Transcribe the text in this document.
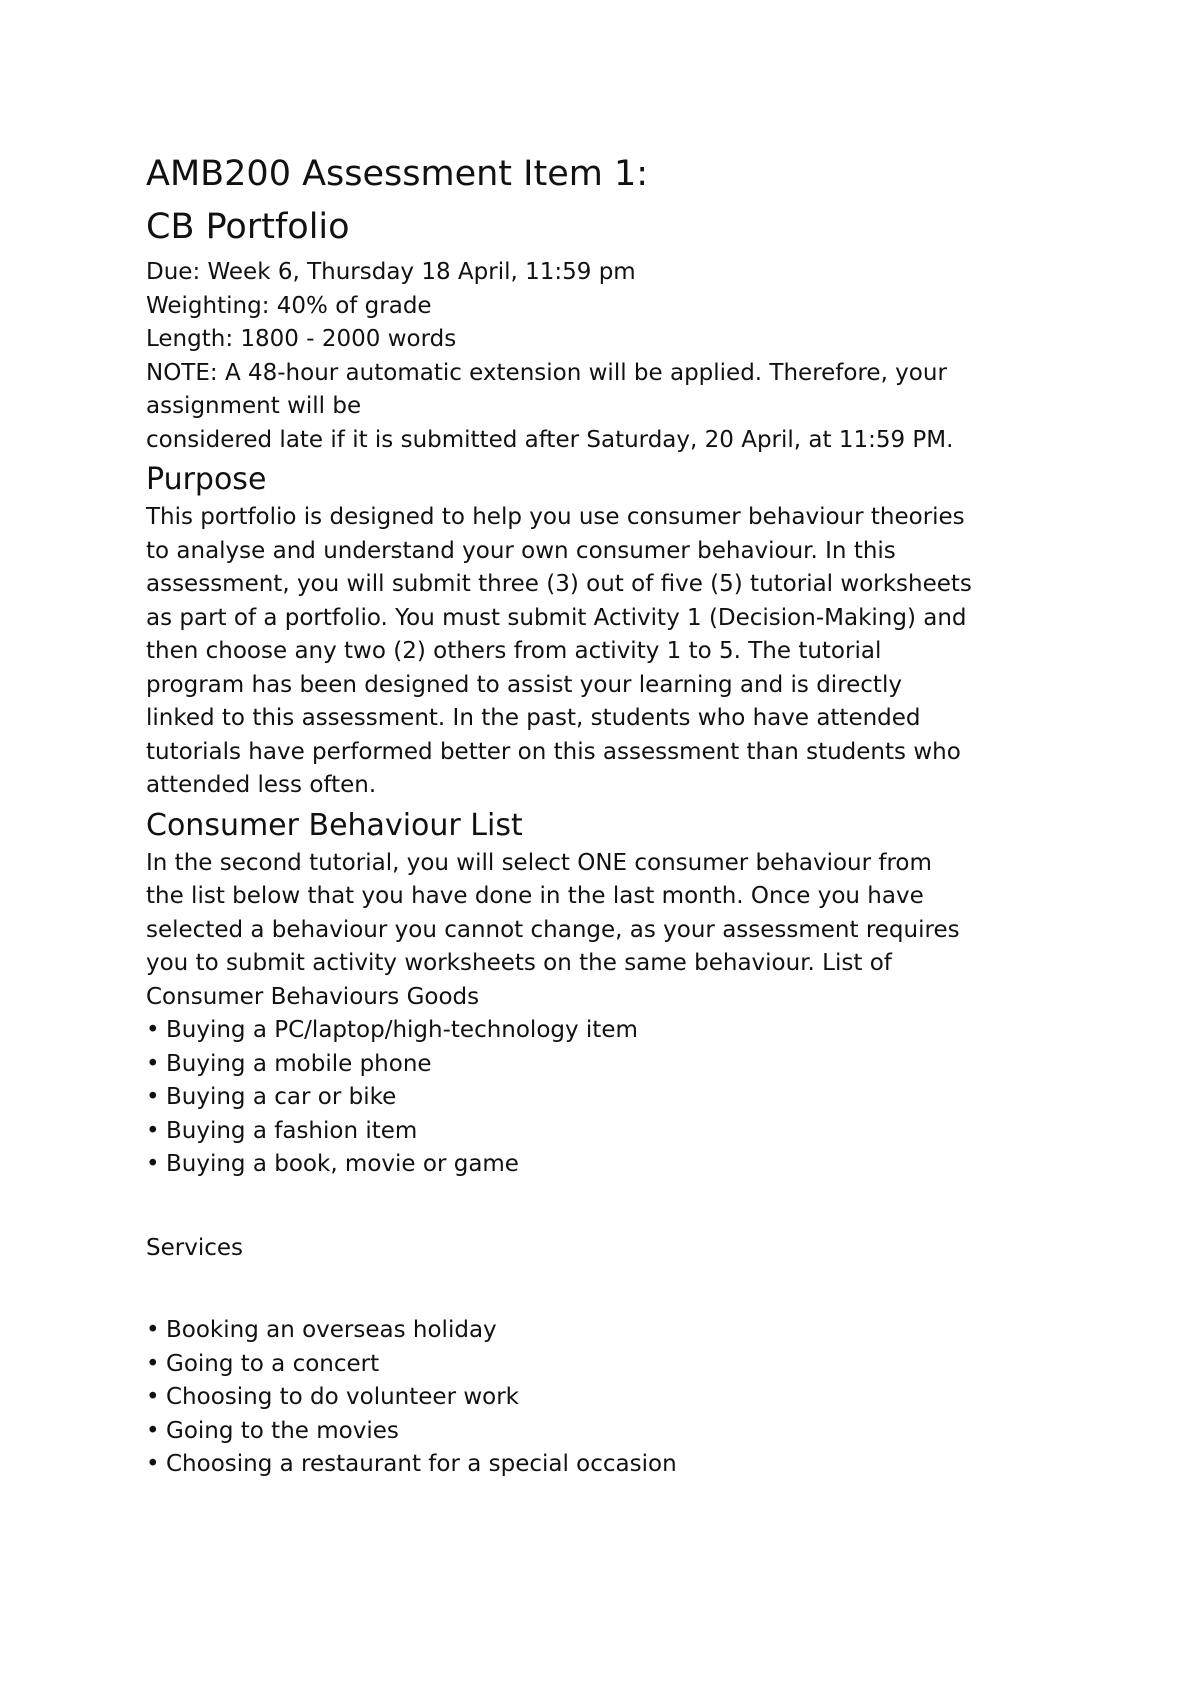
AMB200 Assessment Item 1:
CB Portfolio

Due: Week 6, Thursday 18 April, 11:59 pm

Weighting: 40% of grade

Length: 1800 - 2000 words

NOTE: A 48-hour automatic extension will be applied. Therefore, your

assignment will be

considered late if it is submitted after Saturday, 20 April, at 11:59 PM.

Purpose

This portfolio is designed to help you use consumer behaviour theories

to analyse and understand your own consumer behaviour. In this

assessment, you will submit three (3) out of five (5) tutorial worksheets

as part of a portfolio. You must submit Activity 1 (Decision-Making) and

then choose any two (2) others from activity 1 to 5. The tutorial

program has been designed to assist your learning and is directly

linked to this assessment. In the past, students who have attended

tutorials have performed better on this assessment than students who

attended less often.

Consumer Behaviour List

In the second tutorial, you will select ONE consumer behaviour from

the list below that you have done in the last month. Once you have

selected a behaviour you cannot change, as your assessment requires

you to submit activity worksheets on the same behaviour. List of

Consumer Behaviours Goods

• Buying a PC/laptop/high-technology item
• Buying a mobile phone
• Buying a car or bike
• Buying a fashion item
• Buying a book, movie or game

Services

• Booking an overseas holiday
• Going to a concert
• Choosing to do volunteer work
• Going to the movies
• Choosing a restaurant for a special occasion
